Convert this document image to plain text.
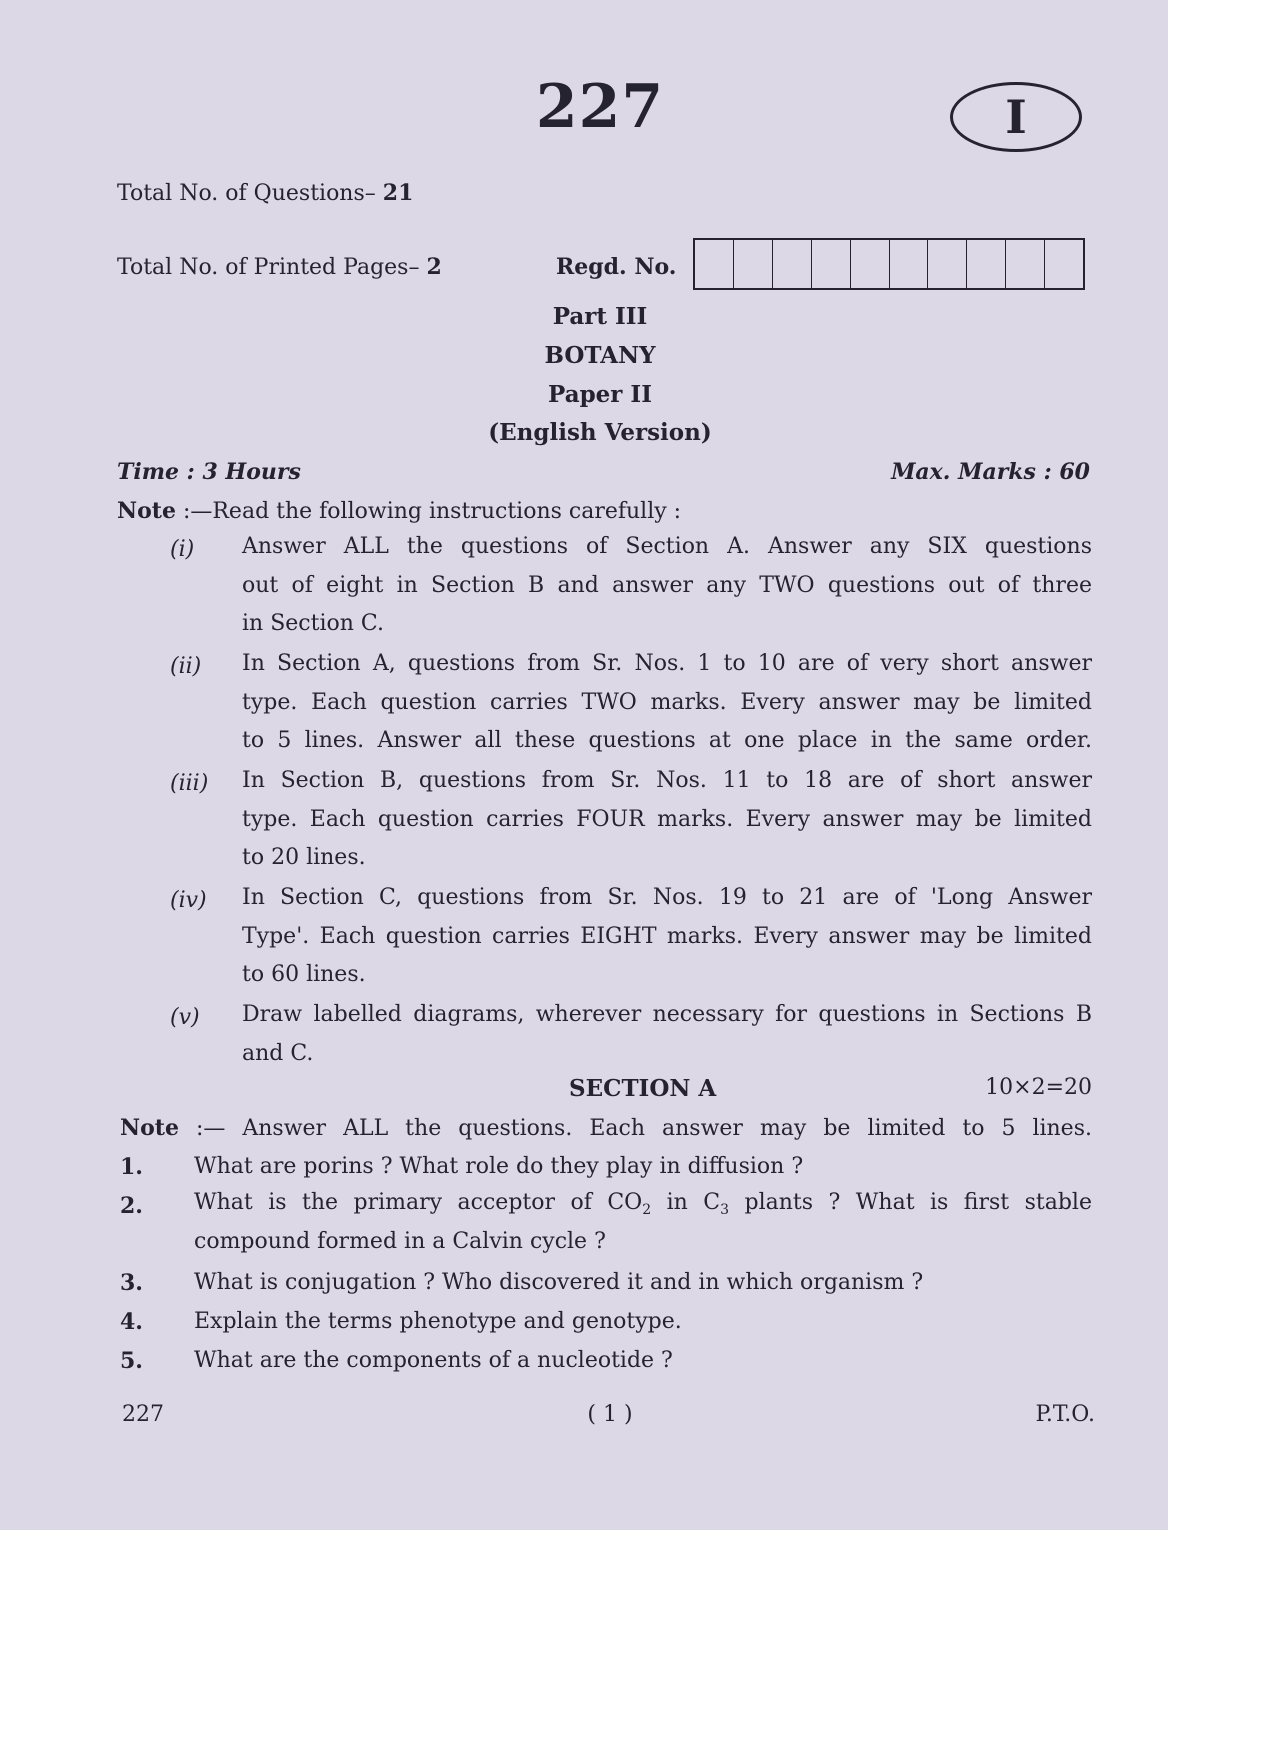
227	I
Total No. of Questions– 21
Total No. of Printed Pages– 2	Regd. No.
Part III
BOTANY
Paper II
(English Version)
Time : 3 Hours	Max. Marks : 60
Note :—Read the following instructions carefully :
(i) Answer ALL the questions of Section A. Answer any SIX questions
out of eight in Section B and answer any TWO questions out of three
in Section C.
(ii) In Section A, questions from Sr. Nos. 1 to 10 are of very short answer
type. Each question carries TWO marks. Every answer may be limited
to 5 lines. Answer all these questions at one place in the same order.
(iii) In Section B, questions from Sr. Nos. 11 to 18 are of short answer
type. Each question carries FOUR marks. Every answer may be limited
to 20 lines.
(iv) In Section C, questions from Sr. Nos. 19 to 21 are of 'Long Answer
Type'. Each question carries EIGHT marks. Every answer may be limited
to 60 lines.
(v) Draw labelled diagrams, wherever necessary for questions in Sections B
and C.
SECTION A	10×2=20
Note :— Answer ALL the questions. Each answer may be limited to 5 lines.
1. What are porins ? What role do they play in diffusion ?
2. What is the primary acceptor of $CO_2$ in $C_3$ plants ? What is first stable
compound formed in a Calvin cycle ?
3. What is conjugation ? Who discovered it and in which organism ?
4. Explain the terms phenotype and genotype.
5. What are the components of a nucleotide ?
227	( 1 )	P.T.O.
